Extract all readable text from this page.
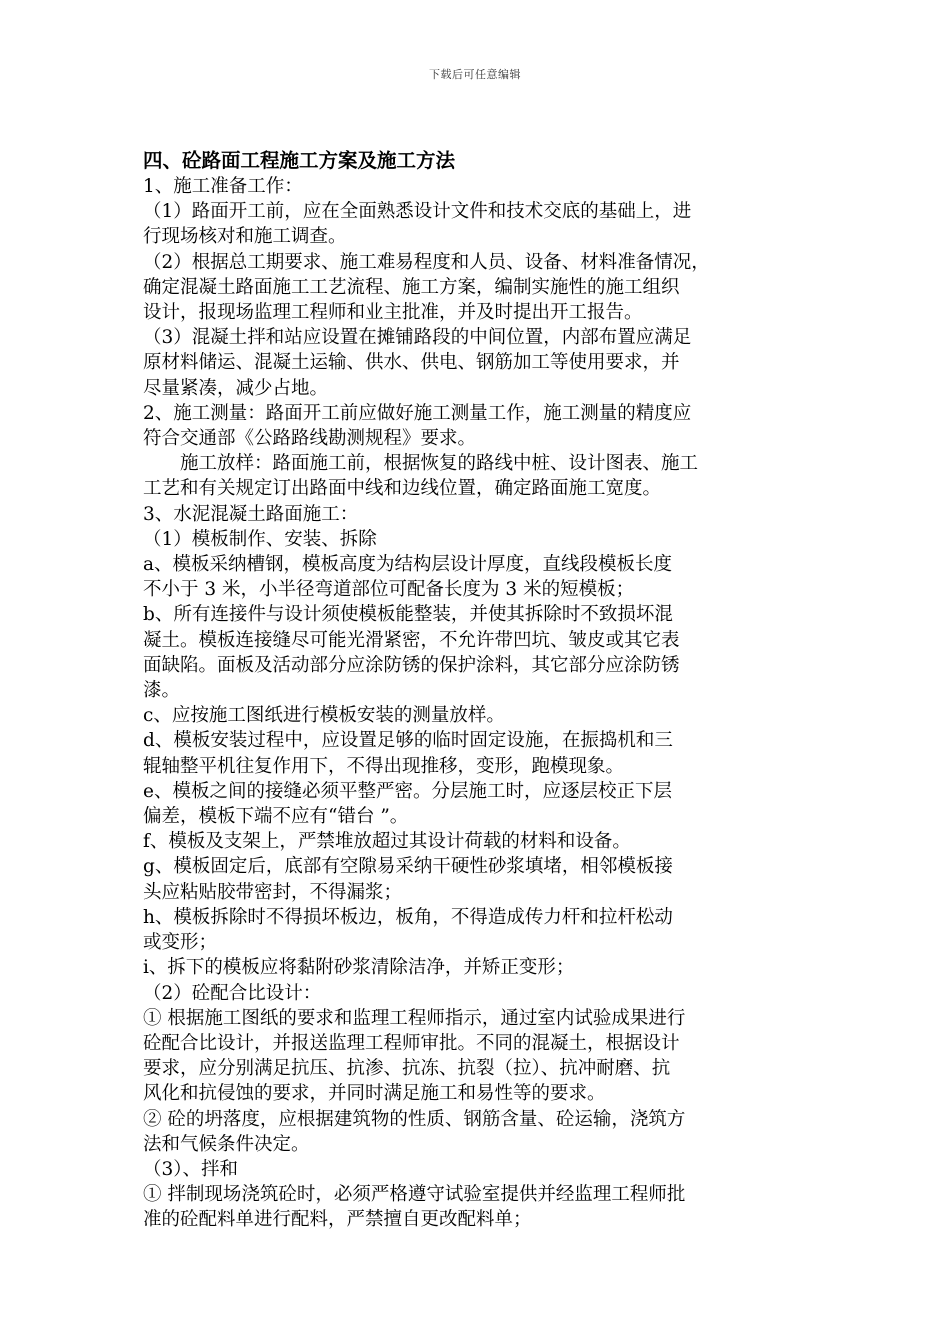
下载后可任意编辑
四、砼路面工程施工方案及施工方法

1、施工准备工作：

（1）路面开工前，应在全面熟悉设计文件和技术交底的基础上，进

行现场核对和施工调查。

（2）根据总工期要求、施工难易程度和人员、设备、材料准备情况，

确定混凝土路面施工工艺流程、施工方案，编制实施性的施工组织

设计，报现场监理工程师和业主批准，并及时提出开工报告。

（3）混凝土拌和站应设置在摊铺路段的中间位置，内部布置应满足

原材料储运、混凝土运输、供水、供电、钢筋加工等使用要求，并

尽量紧凑，减少占地。

2、施工测量：路面开工前应做好施工测量工作，施工测量的精度应

符合交通部《公路路线勘测规程》要求。

　　施工放样：路面施工前，根据恢复的路线中桩、设计图表、施工

工艺和有关规定订出路面中线和边线位置，确定路面施工宽度。

3、水泥混凝土路面施工：

（1）模板制作、安装、拆除

a、模板采纳槽钢，模板高度为结构层设计厚度，直线段模板长度

不小于 3 米，小半径弯道部位可配备长度为 3 米的短模板；

b、所有连接件与设计须使模板能整装，并使其拆除时不致损坏混

凝土。模板连接缝尽可能光滑紧密，不允许带凹坑、皱皮或其它表

面缺陷。面板及活动部分应涂防锈的保护涂料，其它部分应涂防锈

漆。

c、应按施工图纸进行模板安装的测量放样。

d、模板安装过程中，应设置足够的临时固定设施，在振捣机和三

辊轴整平机往复作用下，不得出现推移，变形，跑模现象。

e、模板之间的接缝必须平整严密。分层施工时，应逐层校正下层

偏差，模板下端不应有“错台 ”。

f、模板及支架上，严禁堆放超过其设计荷载的材料和设备。

g、模板固定后，底部有空隙易采纳干硬性砂浆填堵，相邻模板接

头应粘贴胶带密封，不得漏浆；

h、模板拆除时不得损坏板边，板角，不得造成传力杆和拉杆松动

或变形；

i、拆下的模板应将黏附砂浆清除洁净，并矫正变形；

（2）砼配合比设计：

① 根据施工图纸的要求和监理工程师指示，通过室内试验成果进行

砼配合比设计，并报送监理工程师审批。不同的混凝土，根据设计

要求，应分别满足抗压、抗渗、抗冻、抗裂（拉）、抗冲耐磨、抗

风化和抗侵蚀的要求，并同时满足施工和易性等的要求。

② 砼的坍落度，应根据建筑物的性质、钢筋含量、砼运输，浇筑方

法和气候条件决定。

（3）、拌和

① 拌制现场浇筑砼时，必须严格遵守试验室提供并经监理工程师批

准的砼配料单进行配料，严禁擅自更改配料单；
